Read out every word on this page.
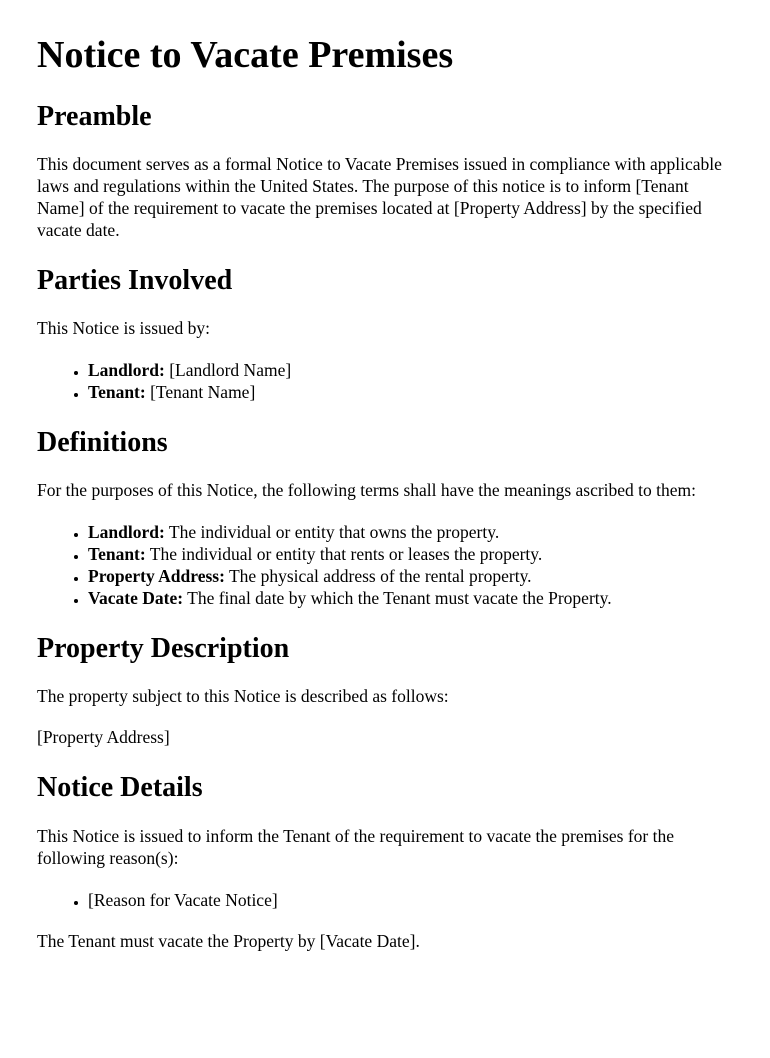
Notice to Vacate Premises
Preamble

This document serves as a formal Notice to Vacate Premises issued in compliance with applicable laws and regulations within the United States. The purpose of this notice is to inform [Tenant Name] of the requirement to vacate the premises located at [Property Address] by the specified vacate date.

Parties Involved

This Notice is issued by:

• Landlord: [Landlord Name]
• Tenant: [Tenant Name]
Definitions

For the purposes of this Notice, the following terms shall have the meanings ascribed to them:

• Landlord: The individual or entity that owns the property.
• Tenant: The individual or entity that rents or leases the property.
• Property Address: The physical address of the rental property.
• Vacate Date: The final date by which the Tenant must vacate the Property.
Property Description

The property subject to this Notice is described as follows:

[Property Address]

Notice Details

This Notice is issued to inform the Tenant of the requirement to vacate the premises for the following reason(s):

• [Reason for Vacate Notice]

The Tenant must vacate the Property by [Vacate Date].
